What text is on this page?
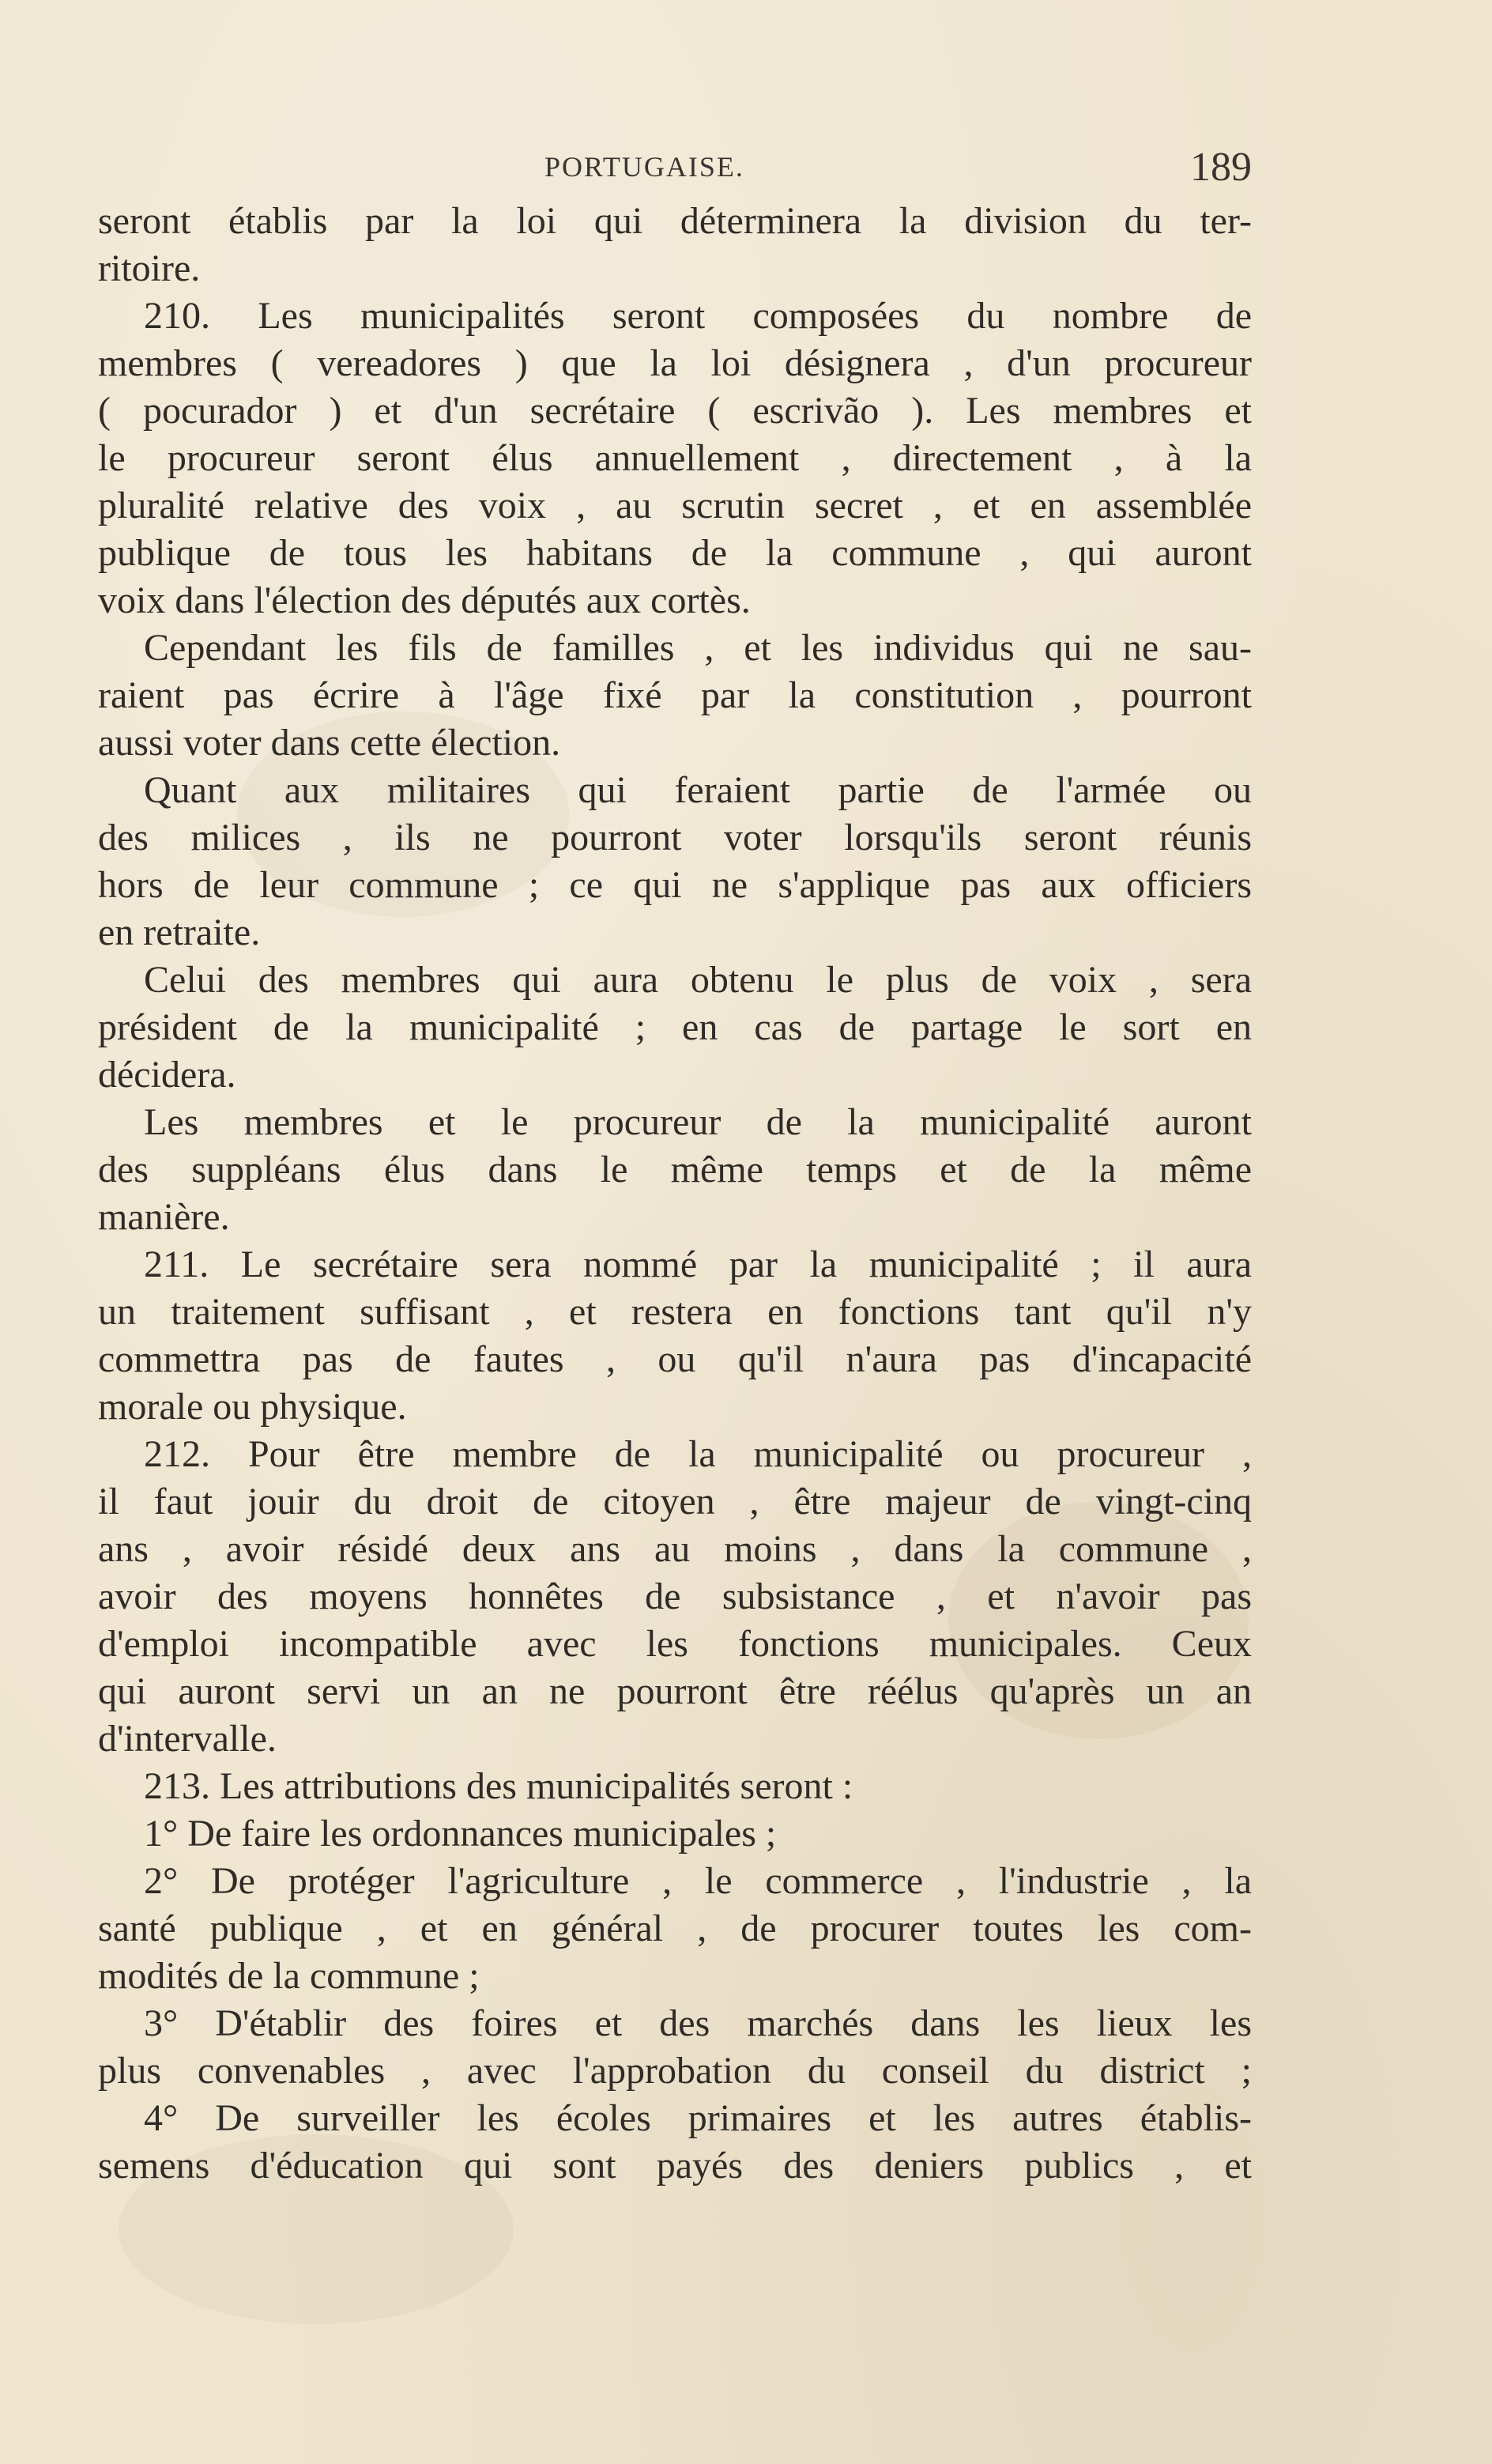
PORTUGAISE.	189
seront établis par la loi qui déterminera la division du ter-
ritoire.
210. Les municipalités seront composées du nombre de
membres ( vereadores ) que la loi désignera , d'un procureur
( pocurador ) et d'un secrétaire ( escrivão ). Les membres et
le procureur seront élus annuellement , directement , à la
pluralité relative des voix , au scrutin secret , et en assemblée
publique de tous les habitans de la commune , qui auront
voix dans l'élection des députés aux cortès.
Cependant les fils de familles , et les individus qui ne sau-
raient pas écrire à l'âge fixé par la constitution , pourront
aussi voter dans cette élection.
Quant aux militaires qui feraient partie de l'armée ou
des milices , ils ne pourront voter lorsqu'ils seront réunis
hors de leur commune ; ce qui ne s'applique pas aux officiers
en retraite.
Celui des membres qui aura obtenu le plus de voix , sera
président de la municipalité ; en cas de partage le sort en
décidera.
Les membres et le procureur de la municipalité auront
des suppléans élus dans le même temps et de la même
manière.
211. Le secrétaire sera nommé par la municipalité ; il aura
un traitement suffisant , et restera en fonctions tant qu'il n'y
commettra pas de fautes , ou qu'il n'aura pas d'incapacité
morale ou physique.
212. Pour être membre de la municipalité ou procureur ,
il faut jouir du droit de citoyen , être majeur de vingt-cinq
ans , avoir résidé deux ans au moins , dans la commune ,
avoir des moyens honnêtes de subsistance , et n'avoir pas
d'emploi incompatible avec les fonctions municipales. Ceux
qui auront servi un an ne pourront être réélus qu'après un an
d'intervalle.
213. Les attributions des municipalités seront :
1° De faire les ordonnances municipales ;
2° De protéger l'agriculture , le commerce , l'industrie , la
santé publique , et en général , de procurer toutes les com-
modités de la commune ;
3° D'établir des foires et des marchés dans les lieux les
plus convenables , avec l'approbation du conseil du district ;
4° De surveiller les écoles primaires et les autres établis-
semens d'éducation qui sont payés des deniers publics , et
